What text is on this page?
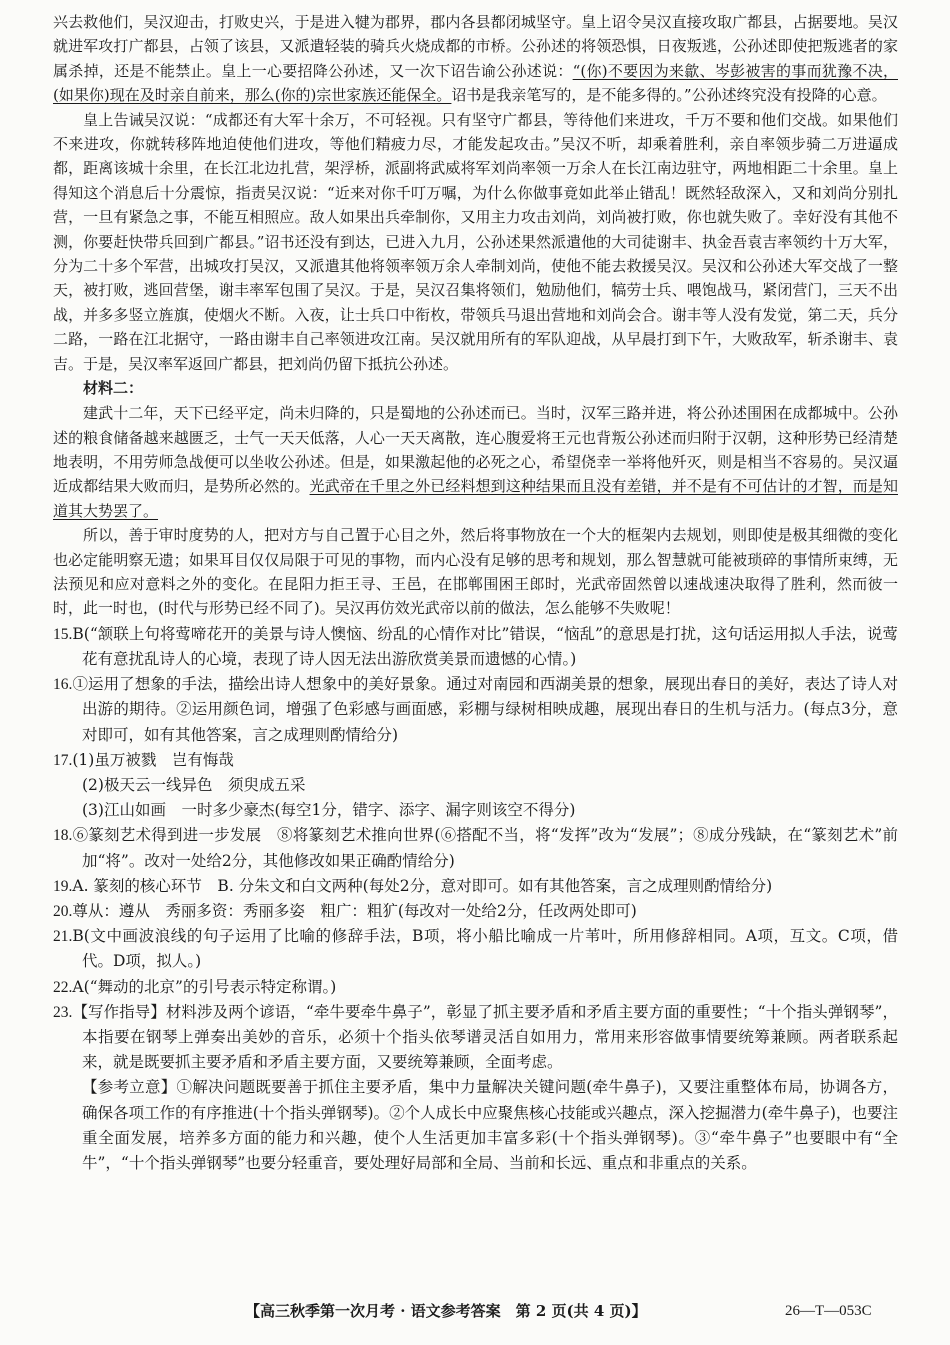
兴去救他们，吴汉迎击，打败史兴，于是进入犍为郡界，郡内各县都闭城坚守。皇上诏令吴汉直接攻取广都县，占据要地。吴汉就进军攻打广都县，占领了该县，又派遣轻装的骑兵火烧成都的市桥。公孙述的将领恐惧，日夜叛逃，公孙述即使把叛逃者的家属杀掉，还是不能禁止。皇上一心要招降公孙述，又一次下诏告谕公孙述说：“(你)不要因为来歙、岑彭被害的事而犹豫不决，(如果你)现在及时亲自前来，那么(你的)宗世家族还能保全。诏书是我亲笔写的，是不能多得的。”公孙述终究没有投降的心意。

皇上告诫吴汉说：“成都还有大军十余万，不可轻视。只有坚守广都县，等待他们来进攻，千万不要和他们交战。如果他们不来进攻，你就转移阵地迫使他们进攻，等他们精疲力尽，才能发起攻击。”吴汉不听，却乘着胜利，亲自率领步骑二万进逼成都，距离该城十余里，在长江北边扎营，架浮桥，派副将武威将军刘尚率领一万余人在长江南边驻守，两地相距二十余里。皇上得知这个消息后十分震惊，指责吴汉说：“近来对你千叮万嘱，为什么你做事竟如此举止错乱！既然轻敌深入，又和刘尚分别扎营，一旦有紧急之事，不能互相照应。敌人如果出兵牵制你，又用主力攻击刘尚，刘尚被打败，你也就失败了。幸好没有其他不测，你要赶快带兵回到广都县。”诏书还没有到达，已进入九月，公孙述果然派遣他的大司徒谢丰、执金吾袁吉率领约十万大军，分为二十多个军营，出城攻打吴汉，又派遣其他将领率领万余人牵制刘尚，使他不能去救援吴汉。吴汉和公孙述大军交战了一整天，被打败，逃回营堡，谢丰率军包围了吴汉。于是，吴汉召集将领们，勉励他们，犒劳士兵、喂饱战马，紧闭营门，三天不出战，并多多竖立旌旗，使烟火不断。入夜，让士兵口中衔枚，带领兵马退出营地和刘尚会合。谢丰等人没有发觉，第二天，兵分二路，一路在江北据守，一路由谢丰自己率领进攻江南。吴汉就用所有的军队迎战，从早晨打到下午，大败敌军，斩杀谢丰、袁吉。于是，吴汉率军返回广都县，把刘尚仍留下抵抗公孙述。

材料二：

建武十二年，天下已经平定，尚未归降的，只是蜀地的公孙述而已。当时，汉军三路并进，将公孙述围困在成都城中。公孙述的粮食储备越来越匮乏，士气一天天低落，人心一天天离散，连心腹爱将王元也背叛公孙述而归附于汉朝，这种形势已经清楚地表明，不用劳师急战便可以坐收公孙述。但是，如果激起他的必死之心，希望侥幸一举将他歼灭，则是相当不容易的。吴汉逼近成都结果大败而归，是势所必然的。光武帝在千里之外已经料想到这种结果而且没有差错，并不是有不可估计的才智，而是知道其大势罢了。

所以，善于审时度势的人，把对方与自己置于心目之外，然后将事物放在一个大的框架内去规划，则即使是极其细微的变化也必定能明察无遗；如果耳目仅仅局限于可见的事物，而内心没有足够的思考和规划，那么智慧就可能被琐碎的事情所束缚，无法预见和应对意料之外的变化。在昆阳力拒王寻、王邑，在邯郸围困王郎时，光武帝固然曾以速战速决取得了胜利，然而彼一时，此一时也，(时代与形势已经不同了)。吴汉再仿效光武帝以前的做法，怎么能够不失败呢！

15.B(“颔联上句将莺啼花开的美景与诗人懊恼、纷乱的心情作对比”错误，“恼乱”的意思是打扰，这句话运用拟人手法，说莺花有意扰乱诗人的心境，表现了诗人因无法出游欣赏美景而遗憾的心情。)

16.①运用了想象的手法，描绘出诗人想象中的美好景象。通过对南园和西湖美景的想象，展现出春日的美好，表达了诗人对出游的期待。②运用颜色词，增强了色彩感与画面感，彩棚与绿树相映成趣，展现出春日的生机与活力。(每点3分，意对即可，如有其他答案，言之成理则酌情给分)

17.(1)虽万被戮　岂有悔哉

(2)极天云一线异色　须臾成五采

(3)江山如画　一时多少豪杰(每空1分，错字、添字、漏字则该空不得分)

18.⑥篆刻艺术得到进一步发展　⑧将篆刻艺术推向世界(⑥搭配不当，将“发挥”改为“发展”；⑧成分残缺，在“篆刻艺术”前加“将”。改对一处给2分，其他修改如果正确酌情给分)

19.A. 篆刻的核心环节　B. 分朱文和白文两种(每处2分，意对即可。如有其他答案，言之成理则酌情给分)

20.尊从：遵从　秀丽多资：秀丽多姿　粗广：粗犷(每改对一处给2分，任改两处即可)

21.B(文中画波浪线的句子运用了比喻的修辞手法，B项，将小船比喻成一片苇叶，所用修辞相同。A项，互文。C项，借代。D项，拟人。)

22.A(“舞动的北京”的引号表示特定称谓。)

23.【写作指导】材料涉及两个谚语，“牵牛要牵牛鼻子”，彰显了抓主要矛盾和矛盾主要方面的重要性；“十个指头弹钢琴”，本指要在钢琴上弹奏出美妙的音乐，必须十个指头依琴谱灵活自如用力，常用来形容做事情要统筹兼顾。两者联系起来，就是既要抓主要矛盾和矛盾主要方面，又要统筹兼顾，全面考虑。

【参考立意】①解决问题既要善于抓住主要矛盾，集中力量解决关键问题(牵牛鼻子)，又要注重整体布局，协调各方，确保各项工作的有序推进(十个指头弹钢琴)。②个人成长中应聚焦核心技能或兴趣点，深入挖掘潜力(牵牛鼻子)，也要注重全面发展，培养多方面的能力和兴趣，使个人生活更加丰富多彩(十个指头弹钢琴)。③“牵牛鼻子”也要眼中有“全牛”，“十个指头弹钢琴”也要分轻重音，要处理好局部和全局、当前和长远、重点和非重点的关系。

【高三秋季第一次月考 · 语文参考答案　第 2 页(共 4 页)】	26—T—053C
